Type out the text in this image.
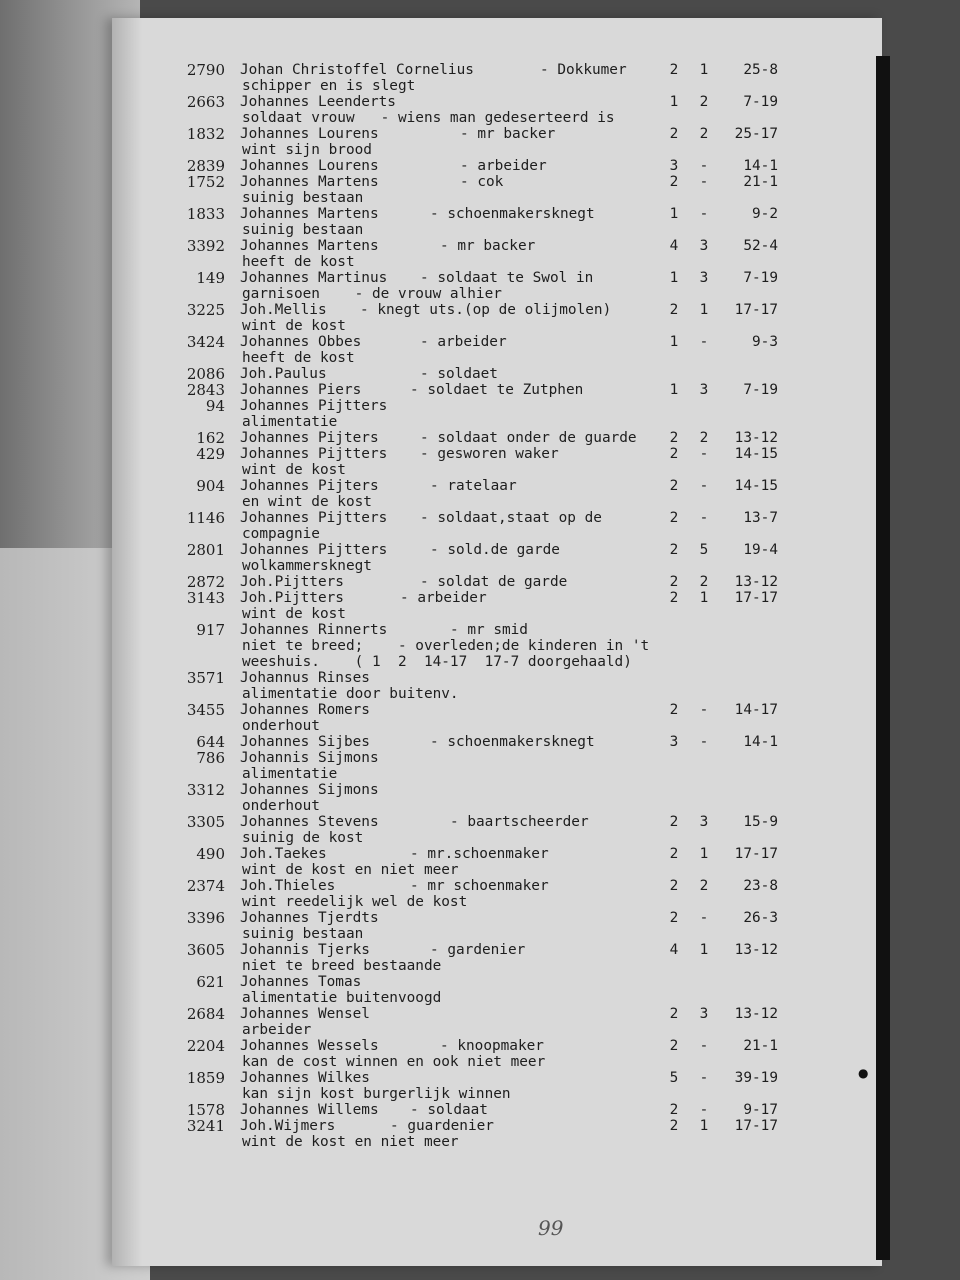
2790 Johan Christoffel Cornelius	- Dokkumer	2 1	25-8
schipper en is slegt
2663 Johannes Leenderts	1 2	7-19
soldaat vrouw   - wiens man gedeserteerd is
1832 Johannes Lourens	- mr backer	2 2	25-17
wint sijn brood
2839 Johannes Lourens	- arbeider	3 -	14-1
1752 Johannes Martens	- cok	2 -	21-1
suinig bestaan
1833 Johannes Martens	- schoenmakersknegt	1 -	9-2
suinig bestaan
3392 Johannes Martens	- mr backer	4 3	52-4
heeft de kost
149 Johannes Martinus - soldaat te Swol in	1 3	7-19
garnisoen    - de vrouw alhier
3225 Joh.Mellis - knegt uts.(op de olijmolen)	2 1	17-17
wint de kost
3424 Johannes Obbes	- arbeider	1 -	9-3
heeft de kost
2086 Joh.Paulus	- soldaet
2843 Johannes Piers	- soldaet te Zutphen	1 3	7-19
94 Johannes Pijtters
alimentatie
162 Johannes Pijters	- soldaat onder de guarde 2 2	13-12
429 Johannes Pijtters - gesworen waker	2 -	14-15
wint de kost
904 Johannes Pijters	- ratelaar	2 -	14-15
en wint de kost
1146 Johannes Pijtters - soldaat,staat op de	2 -	13-7
compagnie
2801 Johannes Pijtters	- sold.de garde	2 5	19-4
wolkammersknegt
2872 Joh.Pijtters	- soldat de garde	2 2	13-12
3143 Joh.Pijtters	- arbeider	2 1	17-17
wint de kost
917 Johannes Rinnerts	- mr smid
niet te breed;    - overleden;de kinderen in 't
weeshuis.    ( 1  2  14-17  17-7 doorgehaald)
3571 Johannus Rinses
alimentatie door buitenv.
3455 Johannes Romers	2 -	14-17
onderhout
644 Johannes Sijbes	- schoenmakersknegt	3 -	14-1
786 Johannis Sijmons
alimentatie
3312 Johannes Sijmons
onderhout
3305 Johannes Stevens	- baartscheerder	2 3	15-9
suinig de kost
490 Joh.Taekes	- mr.schoenmaker	2 1	17-17
wint de kost en niet meer
2374 Joh.Thieles	- mr schoenmaker	2 2	23-8
wint reedelijk wel de kost
3396 Johannes Tjerdts	2 -	26-3
suinig bestaan
3605 Johannis Tjerks	- gardenier	4 1	13-12
niet te breed bestaande
621 Johannes Tomas
alimentatie buitenvoogd
2684 Johannes Wensel	2 3	13-12
arbeider
2204 Johannes Wessels	- knoopmaker	2 -	21-1
kan de cost winnen en ook niet meer
1859 Johannes Wilkes	5 -	39-19
kan sijn kost burgerlijk winnen
1578 Johannes Willems - soldaat	2 -	9-17
3241 Joh.Wijmers	- guardenier	2 1	17-17
wint de kost en niet meer
●
99
